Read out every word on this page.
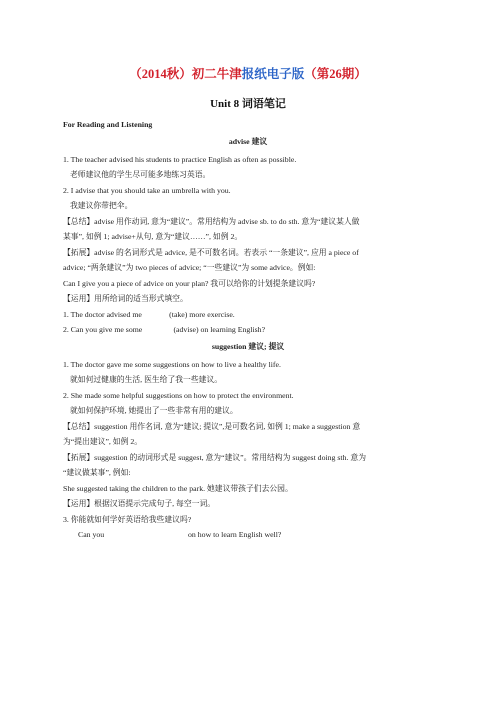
（2014秋）初二牛津报纸电子版（第26期）
Unit 8 词语笔记
For Reading and Listening
advise 建议
1. The teacher advised his students to practice English as often as possible.
老师建议他的学生尽可能多地练习英语。
2. I advise that you should take an umbrella with you.
我建议你带把伞。
【总结】advise 用作动词, 意为“建议”。常用结构为 advise sb. to do sth. 意为“建议某人做
某事”, 如例 1; advise+从句, 意为“建议……”, 如例 2。
【拓展】advise 的名词形式是 advice, 是不可数名词。若表示 “一条建议”, 应用 a piece of
advice; “两条建议”为 two pieces of advice; “一些建议”为 some advice。例如:
Can I give you a piece of advice on your plan? 我可以给你的计划提条建议吗?
【运用】用所给词的适当形式填空。
1. The doctor advised me              (take) more exercise.
2. Can you give me some                (advise) on learning English?
suggestion 建议; 提议
1. The doctor gave me some suggestions on how to live a healthy life.
就如何过健康的生活, 医生给了我一些建议。
2. She made some helpful suggestions on how to protect the environment.
就如何保护环境, 她提出了一些非常有用的建议。
【总结】suggestion 用作名词, 意为“建议; 提议”,是可数名词, 如例 1; make a suggestion 意
为“提出建议”, 如例 2。
【拓展】suggestion 的动词形式是 suggest, 意为“建议”。常用结构为 suggest doing sth. 意为
“建议做某事”, 例如:
She suggested taking the children to the park. 她建议带孩子们去公园。
【运用】根据汉语提示完成句子, 每空一词。
3. 你能就如何学好英语给我些建议吗?
Can you                                           on how to learn English well?
